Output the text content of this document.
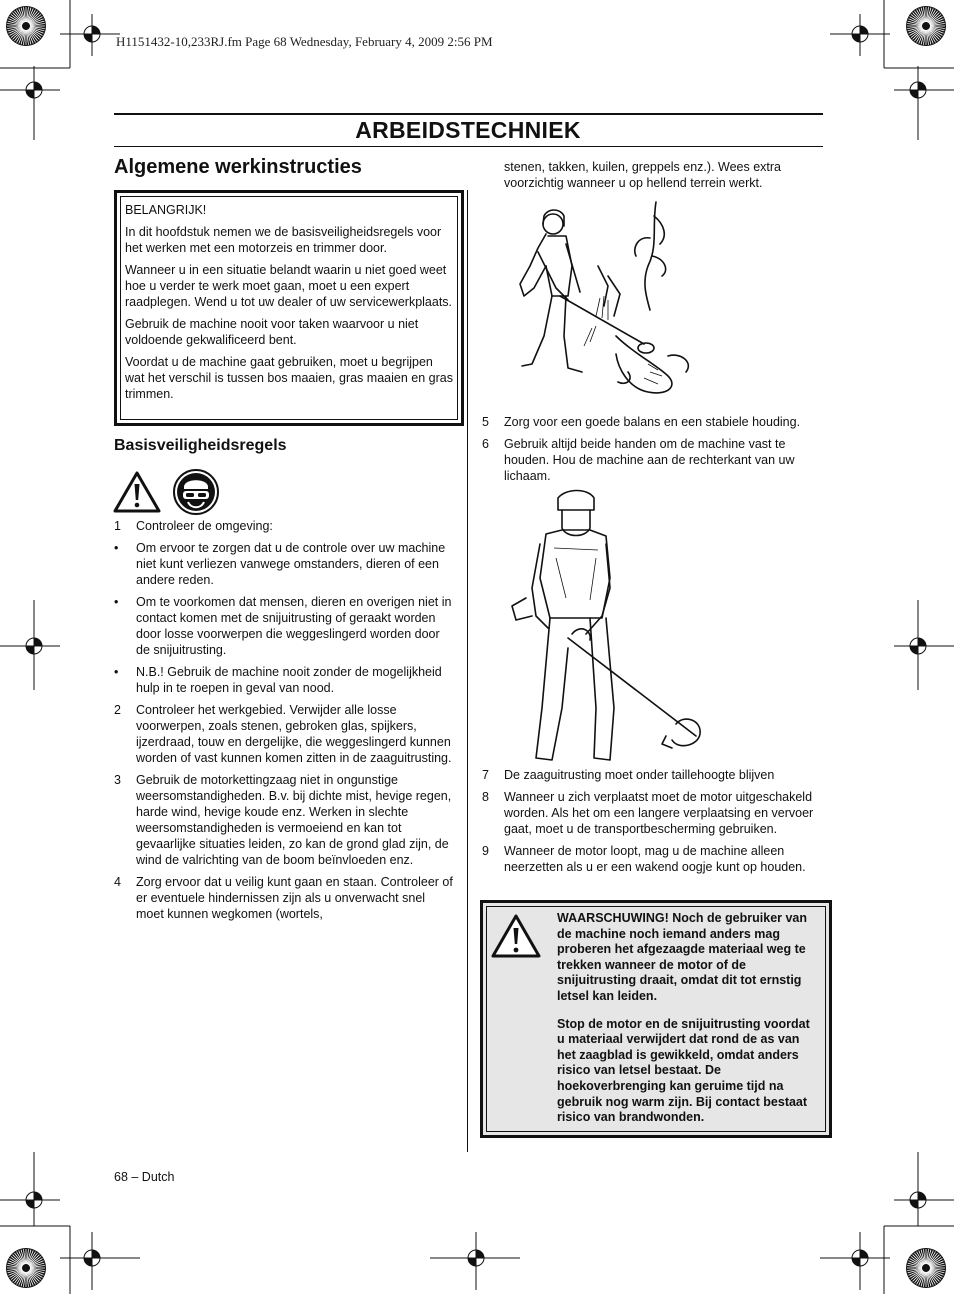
H1151432-10,233RJ.fm Page 68 Wednesday, February 4, 2009 2:56 PM
ARBEIDSTECHNIEK
Algemene werkinstructies

BELANGRIJK!

In dit hoofdstuk nemen we de basisveiligheidsregels voor het werken met een motorzeis en trimmer door.

Wanneer u in een situatie belandt waarin u niet goed weet hoe u verder te werk moet gaan, moet u een expert raadplegen. Wend u tot uw dealer of uw servicewerkplaats.

Gebruik de machine nooit voor taken waarvoor u niet voldoende gekwalificeerd bent.

Voordat u de machine gaat gebruiken, moet u begrijpen wat het verschil is tussen bos maaien, gras maaien en gras trimmen.

Basisveiligheidsregels
1 Controleer de omgeving:
• Om ervoor te zorgen dat u de controle over uw machine niet kunt verliezen vanwege omstanders, dieren of een andere reden.
• Om te voorkomen dat mensen, dieren en overigen niet in contact komen met de snijuitrusting of geraakt worden door losse voorwerpen die weggeslingerd worden door de snijuitrusting.
• N.B.! Gebruik de machine nooit zonder de mogelijkheid hulp in te roepen in geval van nood.
2 Controleer het werkgebied. Verwijder alle losse voorwerpen, zoals stenen, gebroken glas, spijkers, ijzerdraad, touw en dergelijke, die weggeslingerd kunnen worden of vast kunnen komen zitten in de zaaguitrusting.
3 Gebruik de motorkettingzaag niet in ongunstige weersomstandigheden. B.v. bij dichte mist, hevige regen, harde wind, hevige koude enz. Werken in slechte weersomstandigheden is vermoeiend en kan tot gevaarlijke situaties leiden, zo kan de grond glad zijn, de wind de valrichting van de boom beïnvloeden enz.
4 Zorg ervoor dat u veilig kunt gaan en staan. Controleer of er eventuele hindernissen zijn als u onverwacht snel moet kunnen wegkomen (wortels,
stenen, takken, kuilen, greppels enz.). Wees extra voorzichtig wanneer u op hellend terrein werkt.
5 Zorg voor een goede balans en een stabiele houding.
6 Gebruik altijd beide handen om de machine vast te houden. Hou de machine aan de rechterkant van uw lichaam.
7 De zaaguitrusting moet onder taillehoogte blijven
8 Wanneer u zich verplaatst moet de motor uitgeschakeld worden. Als het om een langere verplaatsing en vervoer gaat, moet u de transportbescherming gebruiken.
9 Wanneer de motor loopt, mag u de machine alleen neerzetten als u er een wakend oogje kunt op houden.

WAARSCHUWING! Noch de gebruiker van de machine noch iemand anders mag proberen het afgezaagde materiaal weg te trekken wanneer de motor of de snijuitrusting draait, omdat dit tot ernstig letsel kan leiden.

Stop de motor en de snijuitrusting voordat u materiaal verwijdert dat rond de as van het zaagblad is gewikkeld, omdat anders risico van letsel bestaat. De hoekoverbrenging kan geruime tijd na gebruik nog warm zijn. Bij contact bestaat risico van brandwonden.

68 – Dutch
